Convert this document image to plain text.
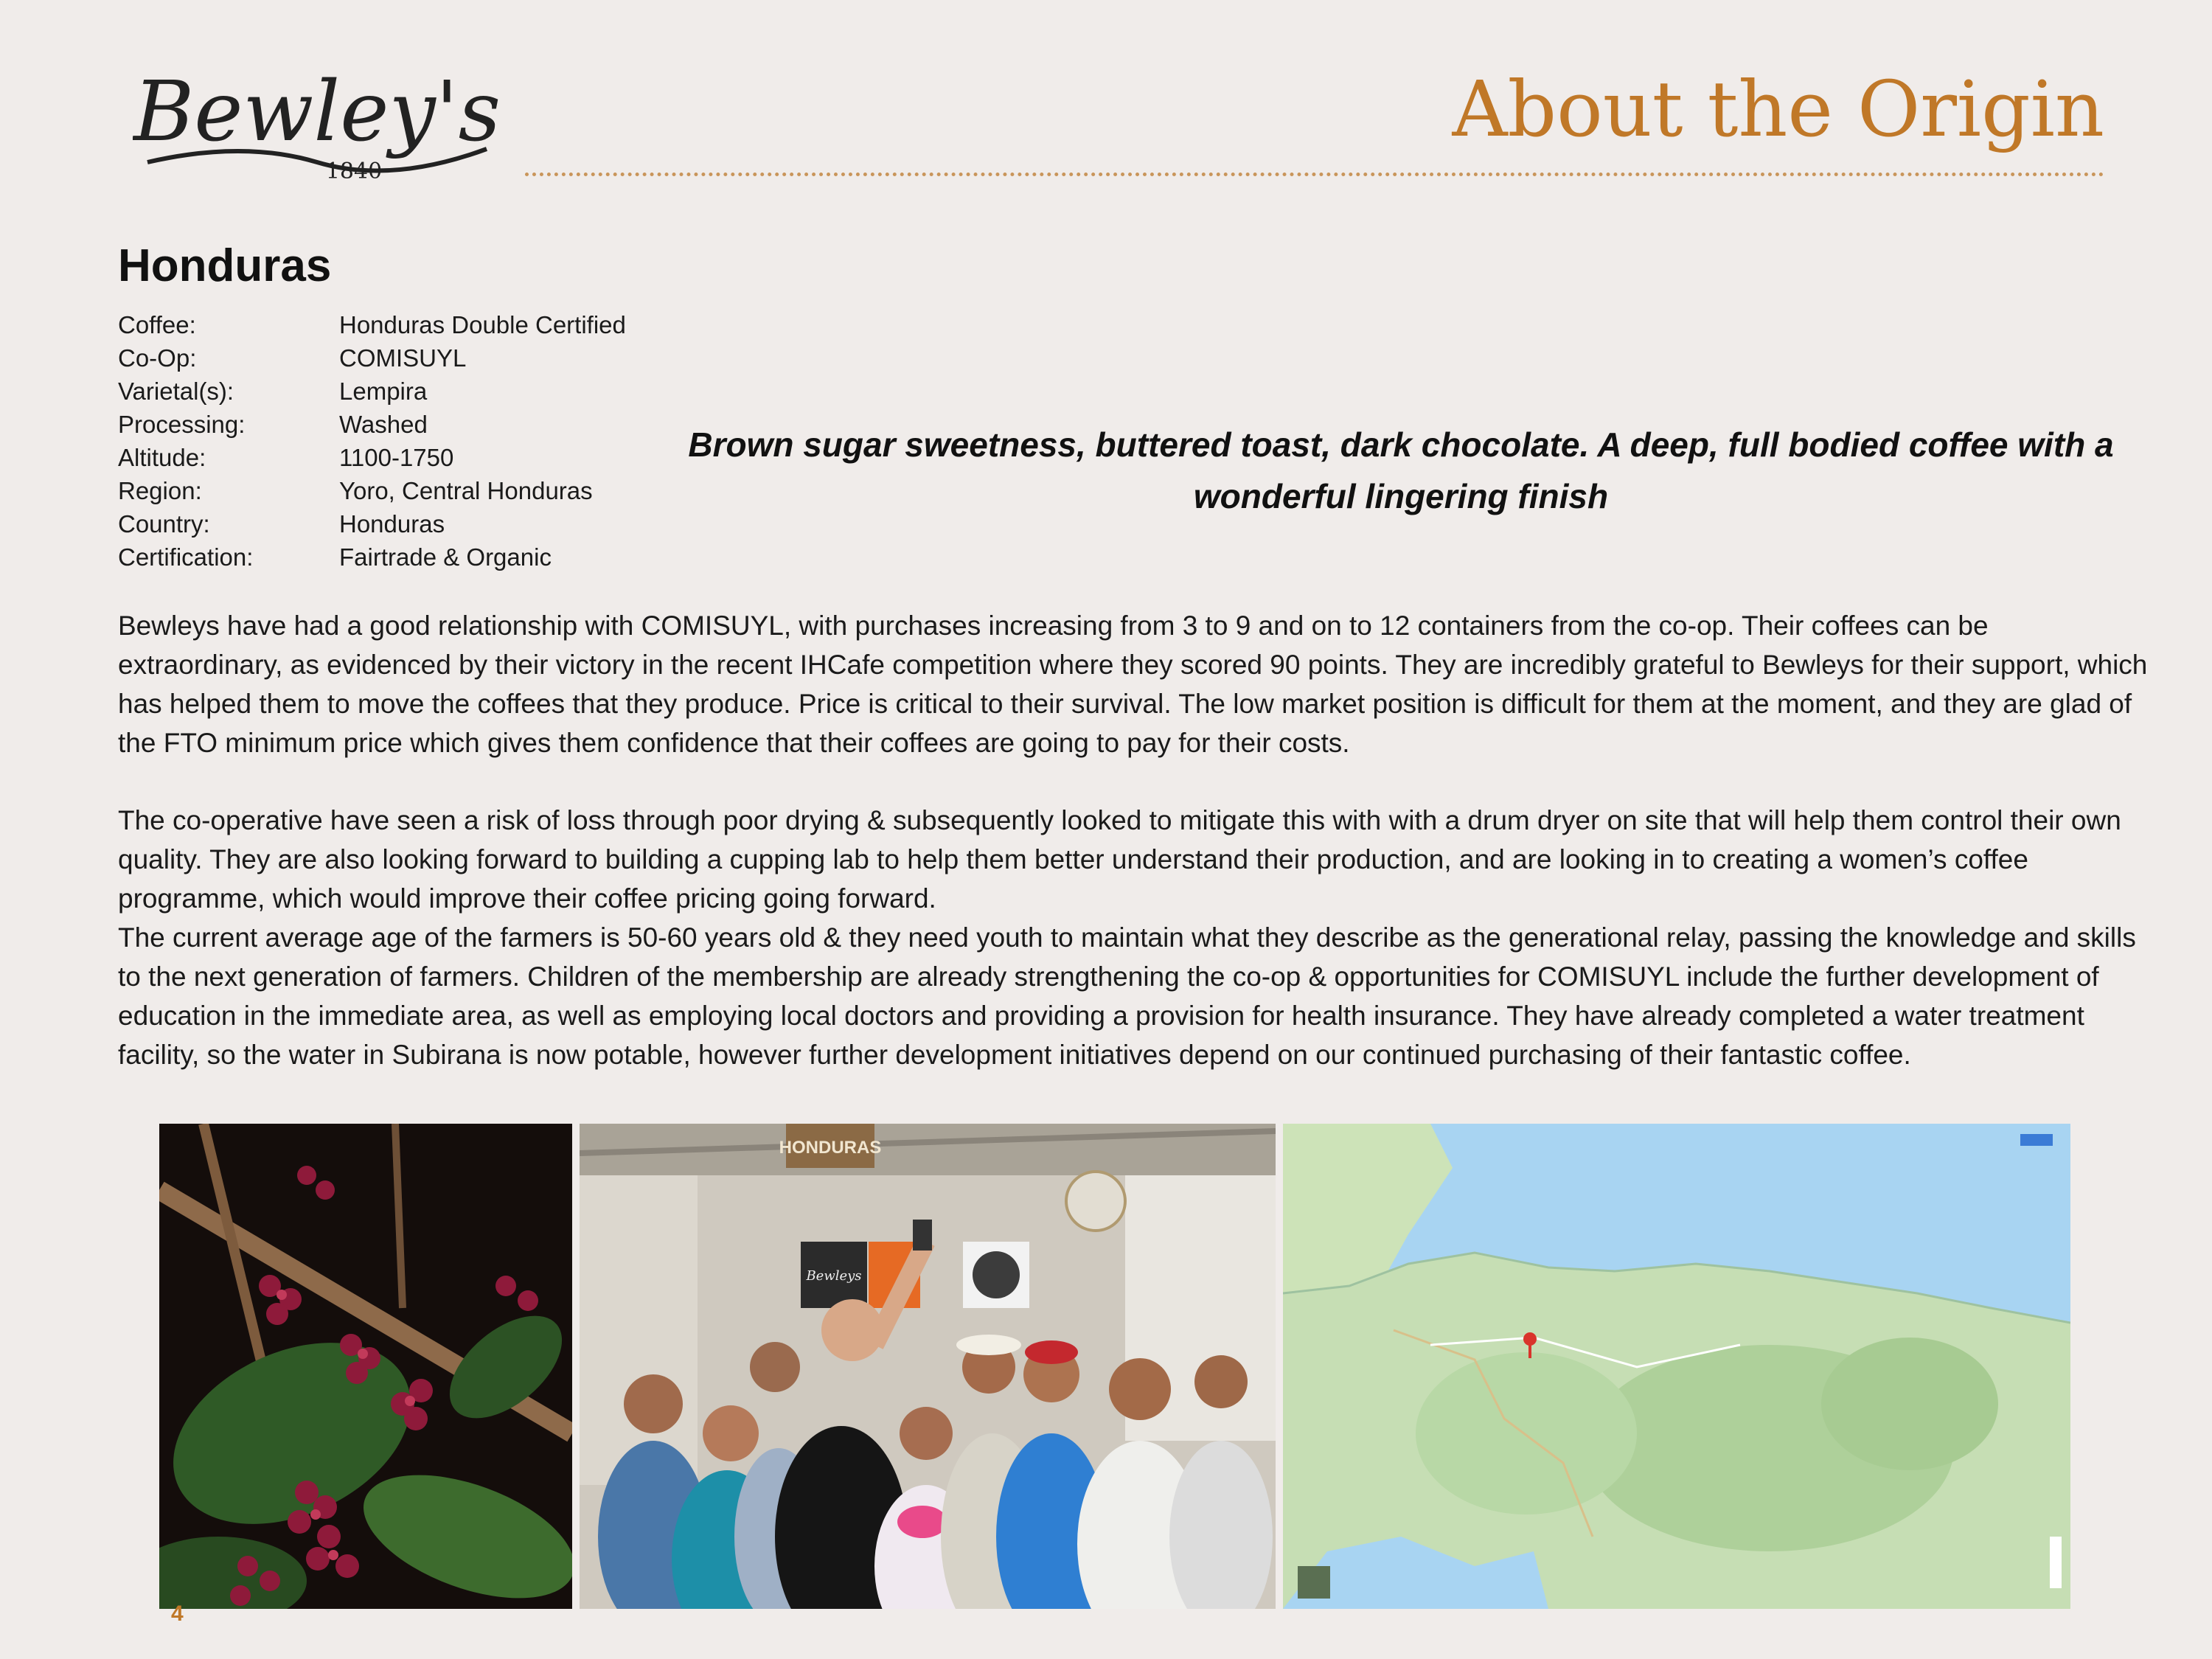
Bewley's
1840
About the Origin
Honduras
Coffee:	Honduras Double Certified
Co-Op:	COMISUYL
Varietal(s):	Lempira
Processing:	Washed
Altitude:	1100-1750
Region:	Yoro, Central Honduras
Country:	Honduras
Certification:	Fairtrade & Organic
Brown sugar sweetness, buttered toast, dark chocolate. A deep, full bodied coffee with a wonderful lingering finish

Bewleys have had a good relationship with COMISUYL, with purchases increasing from 3 to 9 and on to 12 containers from the co-op. Their coffees can be extraordinary, as evidenced by their victory in the recent IHCafe competition where they scored 90 points. They are incredibly grateful to Bewleys for their support, which has helped them to move the coffees that they produce. Price is critical to their survival. The low market position is difficult for them at the moment, and they are glad of the FTO minimum price which gives them confidence that their coffees are going to pay for their costs.

The co-operative have seen a risk of loss through poor drying & subsequently looked to mitigate this with with a drum dryer on site that will help them control their own quality. They are also looking forward to building a cupping lab to help them better understand their production, and are looking in to creating a women’s coffee programme, which would improve their coffee pricing going forward.

The current average age of the farmers is 50-60 years old & they need youth to maintain what they describe as the generational relay, passing the knowledge and skills to the next generation of farmers. Children of the membership are already strengthening the co-op & opportunities for COMISUYL include the further development of education in the immediate area, as well as employing local doctors and providing a provision for health insurance. They have already completed a water treatment facility, so the water in Subirana is now potable, however further development initiatives depend on our continued purchasing of their fantastic coffee.

HONDURAS
Bewleys
4
